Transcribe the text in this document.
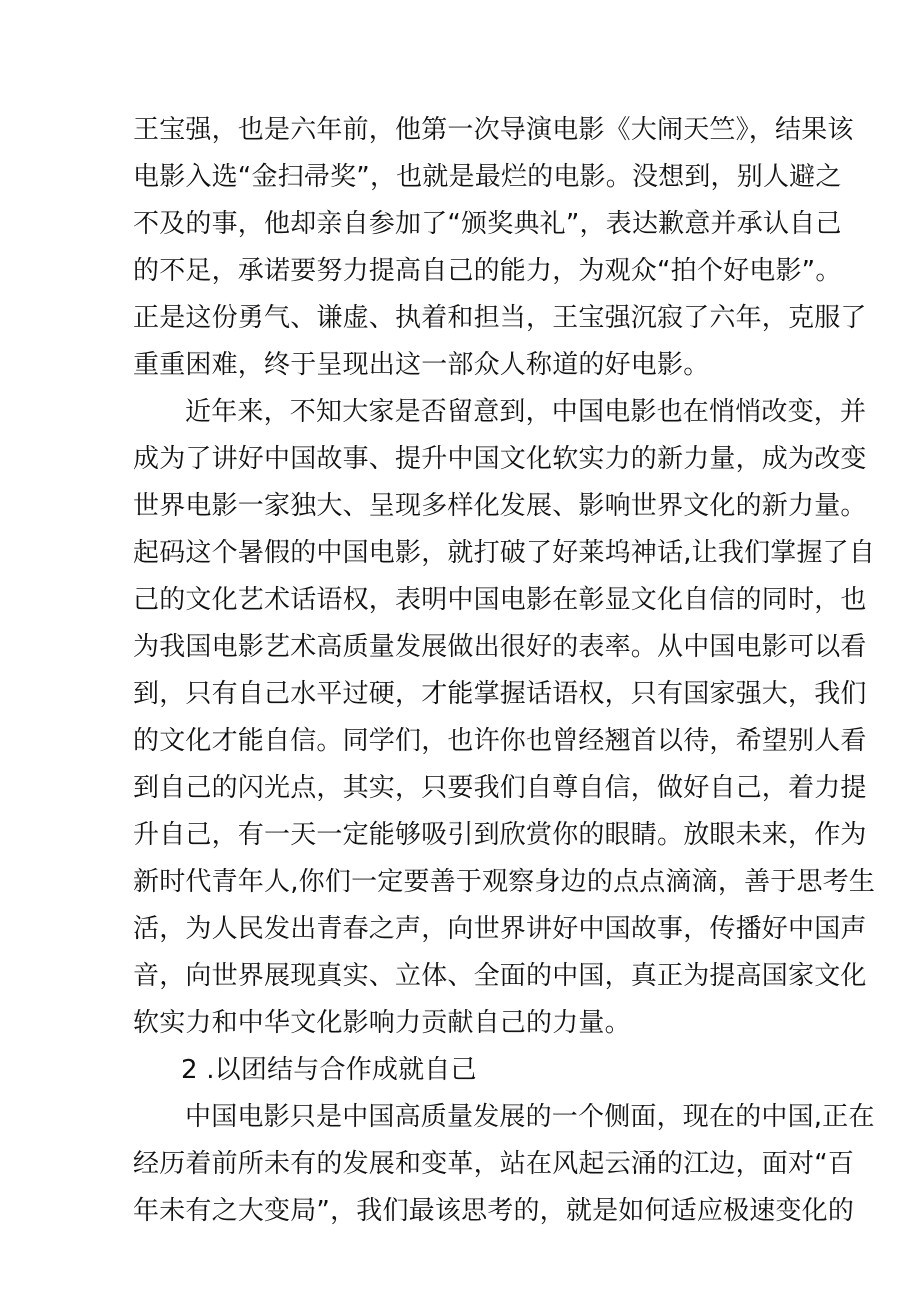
王宝强，也是六年前，他第一次导演电影《大闹天竺》，结果该
电影入选“金扫帚奖”，也就是最烂的电影。没想到，别人避之
不及的事，他却亲自参加了“颁奖典礼”，表达歉意并承认自己
的不足，承诺要努力提高自己的能力，为观众“拍个好电影”。
正是这份勇气、谦虚、执着和担当，王宝强沉寂了六年，克服了
重重困难，终于呈现出这一部众人称道的好电影。
近年来，不知大家是否留意到，中国电影也在悄悄改变，并
成为了讲好中国故事、提升中国文化软实力的新力量，成为改变
世界电影一家独大、呈现多样化发展、影响世界文化的新力量。
起码这个暑假的中国电影，就打破了好莱坞神话,让我们掌握了自
己的文化艺术话语权，表明中国电影在彰显文化自信的同时，也
为我国电影艺术高质量发展做出很好的表率。从中国电影可以看
到，只有自己水平过硬，才能掌握话语权，只有国家强大，我们
的文化才能自信。同学们，也许你也曾经翘首以待，希望别人看
到自己的闪光点，其实，只要我们自尊自信，做好自己，着力提
升自己，有一天一定能够吸引到欣赏你的眼睛。放眼未来，作为
新时代青年人,你们一定要善于观察身边的点点滴滴，善于思考生
活，为人民发出青春之声，向世界讲好中国故事，传播好中国声
音，向世界展现真实、立体、全面的中国，真正为提高国家文化
软实力和中华文化影响力贡献自己的力量。
2 .以团结与合作成就自己
中国电影只是中国高质量发展的一个侧面，现在的中国,正在
经历着前所未有的发展和变革，站在风起云涌的江边，面对“百
年未有之大变局”，我们最该思考的，就是如何适应极速变化的
